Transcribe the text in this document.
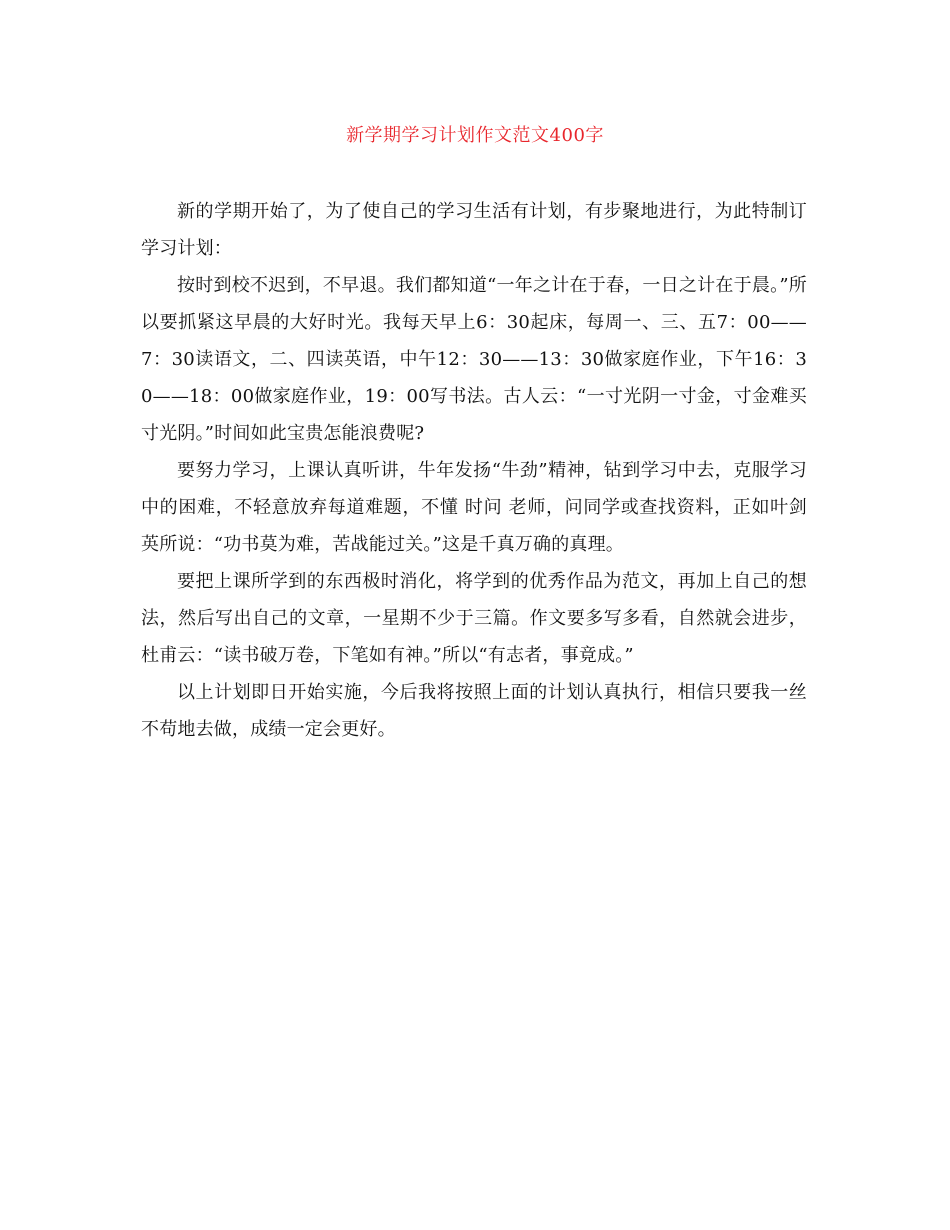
新学期学习计划作文范文400字

新的学期开始了，为了使自己的学习生活有计划，有步聚地进行，为此特制订学习计划：

按时到校不迟到，不早退。我们都知道“一年之计在于春，一日之计在于晨。”所以要抓紧这早晨的大好时光。我每天早上6：30起床，每周一、三、五7：00——7：30读语文，二、四读英语，中午12：30——13：30做家庭作业，下午16：30——18：00做家庭作业，19：00写书法。古人云：“一寸光阴一寸金，寸金难买寸光阴。”时间如此宝贵怎能浪费呢?

要努力学习，上课认真听讲，牛年发扬“牛劲”精神，钻到学习中去，克服学习中的困难，不轻意放弃每道难题，不懂 时问 老师，问同学或查找资料，正如叶剑英所说：“功书莫为难，苦战能过关。”这是千真万确的真理。

要把上课所学到的东西极时消化，将学到的优秀作品为范文，再加上自己的想法，然后写出自己的文章，一星期不少于三篇。作文要多写多看，自然就会进步，杜甫云：“读书破万卷，下笔如有神。”所以“有志者，事竟成。”

以上计划即日开始实施，今后我将按照上面的计划认真执行，相信只要我一丝不苟地去做，成绩一定会更好。
